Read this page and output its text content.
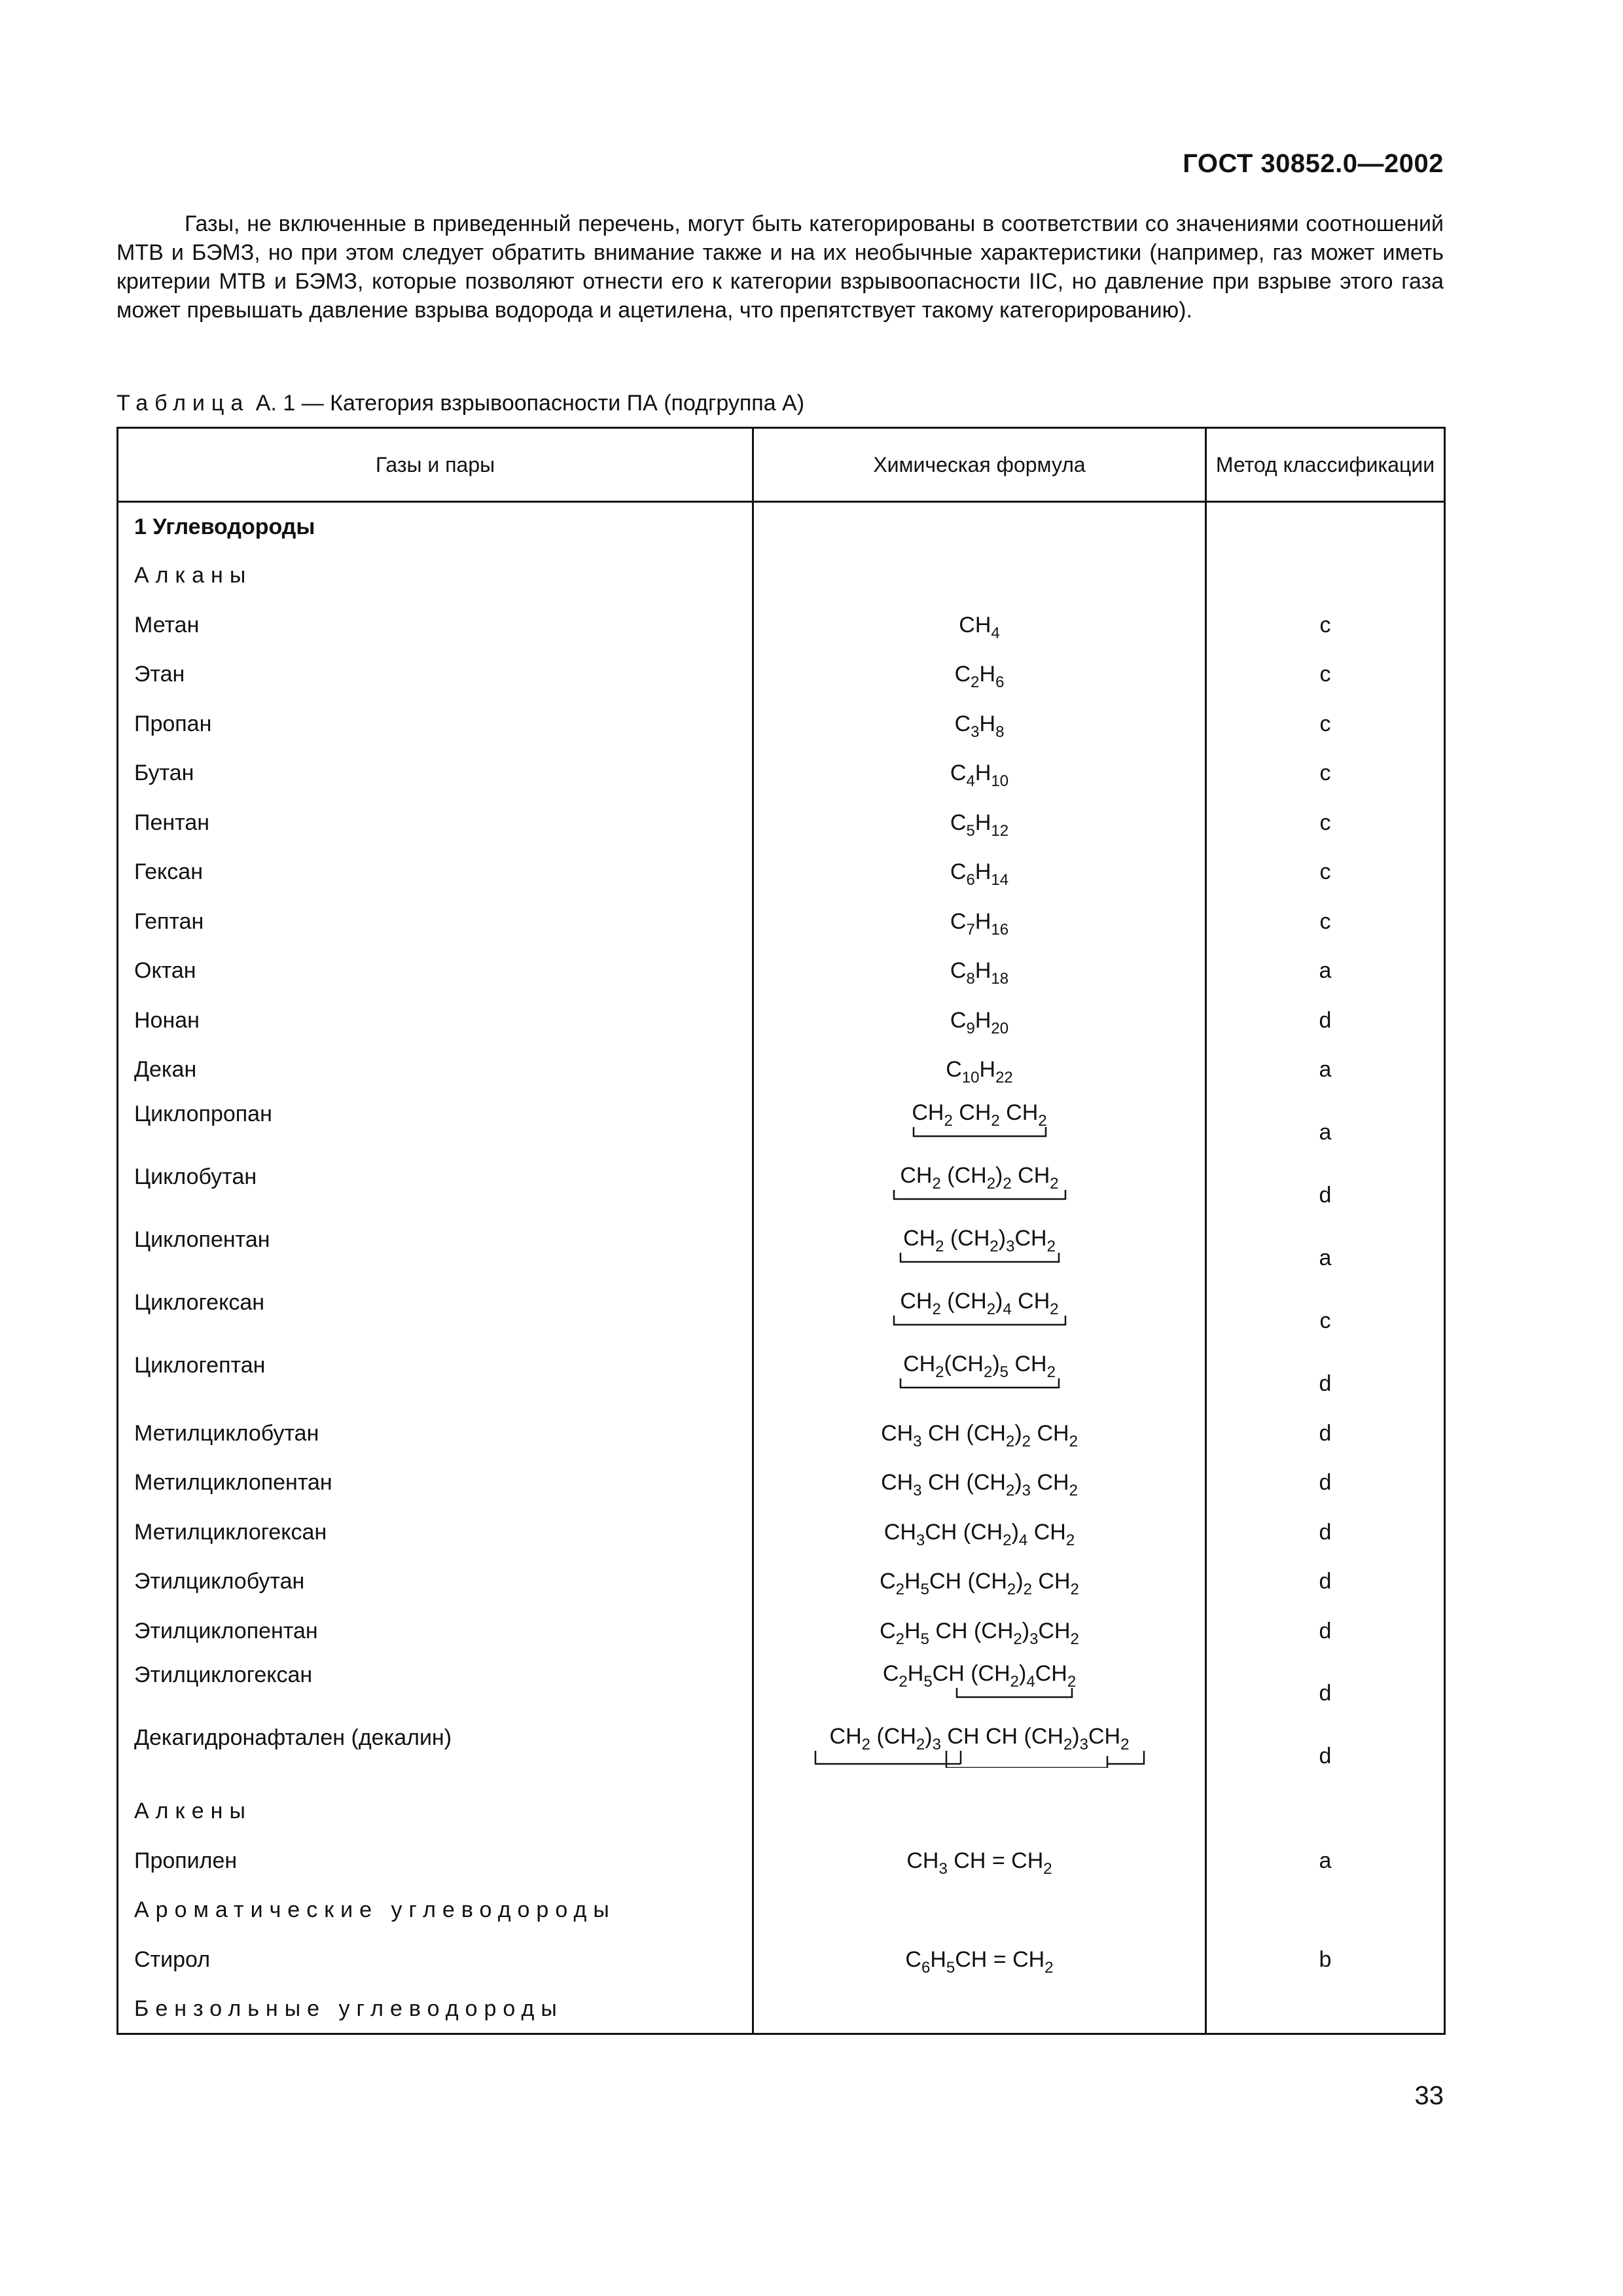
ГОСТ 30852.0—2002

Газы, не включенные в приведенный перечень, могут быть категорированы в соответствии со значениями соотношений МТВ и БЭМЗ, но при этом следует обратить внимание также и на их необычные характеристики (например, газ может иметь критерии МТВ и БЭМЗ, которые позволяют отнести его к категории взрывоопасности IIC, но давление при взрыве этого газа может превышать давление взрыва водорода и ацетилена, что препятствует такому категорированию).

Таблица А. 1 — Категория взрывоопасности ПА (подгруппа А)
Газы и пары	Химическая формула	Метод классификации
1 Углеводороды		
Алканы		
Метан	$CH_4$	c
Этан	$C_2H_6$	c
Пропан	$C_3H_8$	c
Бутан	$C_4H_{10}$	c
Пентан	$C_5H_{12}$	c
Гексан	$C_6H_{14}$	c
Гептан	$C_7H_{16}$	c
Октан	$C_8H_{18}$	a
Нонан	$C_9H_{20}$	d
Декан	$C_{10}H_{22}$	a
Циклопропан	$CH_2$ $CH_2$ $CH_2$	a
Циклобутан	$CH_2$ $(CH_2)_2$ $CH_2$	d
Циклопентан	$CH_2$ $(CH_2)_3CH_2$	a
Циклогексан	$CH_2$ $(CH_2)_4$ $CH_2$	c
Циклогептан	$CH_2(CH_2)_5$ $CH_2$	d
Метилциклобутан	$CH_3$ CH $(CH_2)_2$ $CH_2$	d
Метилциклопентан	$CH_3$ CH $(CH_2)_3$ $CH_2$	d
Метилциклогексан	$CH_3CH$ $(CH_2)_4$ $CH_2$	d
Этилциклобутан	$C_2H_5CH$ $(CH_2)_2$ $CH_2$	d
Этилциклопентан	$C_2H_5$ CH $(CH_2)_3CH_2$	d
Этилциклогексан	$C_2H_5CH$ $(CH_2)_4CH_2$	d
Декагидронафтален (декалин)	$CH_2$ $(CH_2)_3$ CH CH $(CH_2)_3CH_2$	d
Алкены		
Пропилен	$CH_3$ CH = $CH_2$	a
Ароматические углеводороды		
Стирол	$C_6H_5CH = CH_2$	b
Бензольные углеводороды		
33
